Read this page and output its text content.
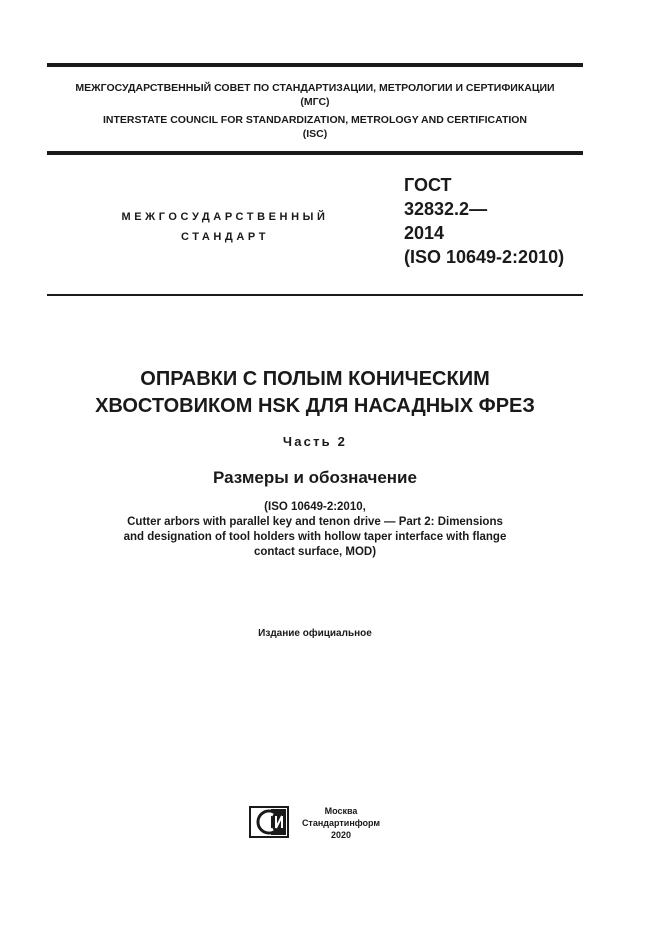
МЕЖГОСУДАРСТВЕННЫЙ СОВЕТ ПО СТАНДАРТИЗАЦИИ, МЕТРОЛОГИИ И СЕРТИФИКАЦИИ
(МГС)
INTERSTATE COUNCIL FOR STANDARDIZATION, METROLOGY AND CERTIFICATION
(ISC)
МЕЖГОСУДАРСТВЕННЫЙ
СТАНДАРТ
ГОСТ
32832.2—
2014
(ISO 10649-2:2010)
ОПРАВКИ С ПОЛЫМ КОНИЧЕСКИМ
ХВОСТОВИКОМ HSK ДЛЯ НАСАДНЫХ ФРЕЗ
Часть 2
Размеры и обозначение
(ISO 10649-2:2010,
Cutter arbors with parallel key and tenon drive — Part 2: Dimensions
and designation of tool holders with hollow taper interface with flange
contact surface, MOD)
Издание официальное
Москва
Стандартинформ
2020
